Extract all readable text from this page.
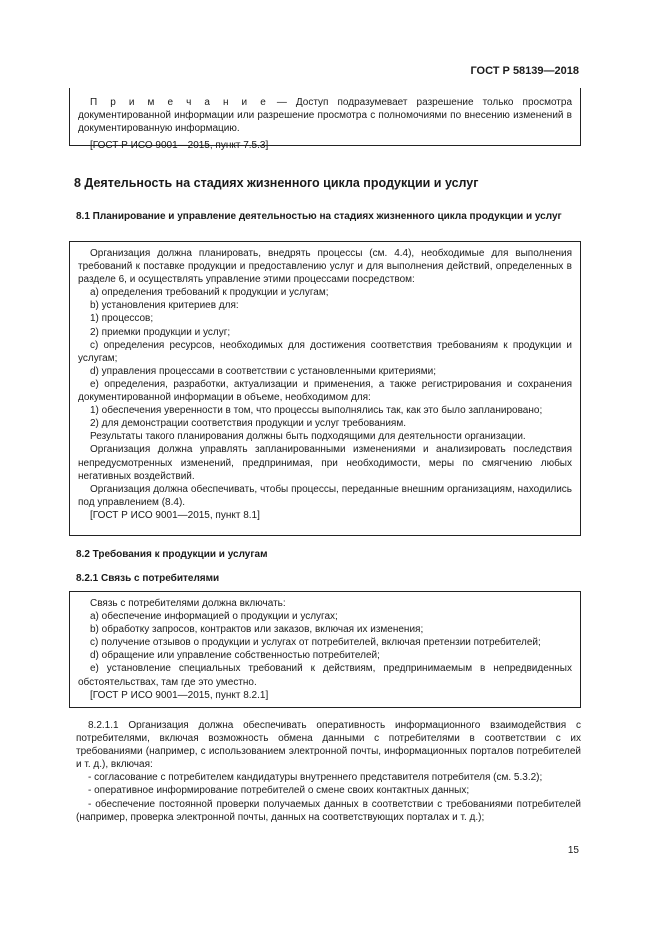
ГОСТ Р 58139—2018

П р и м е ч а н и е — Доступ подразумевает разрешение только просмотра документированной информации или разрешение просмотра с полномочиями по внесению изменений в документированную информацию.

[ГОСТ Р ИСО 9001—2015, пункт 7.5.3]

8 Деятельность на стадиях жизненного цикла продукции и услуг
8.1 Планирование и управление деятельностью на стадиях жизненного цикла продукции и услуг

Организация должна планировать, внедрять процессы (см. 4.4), необходимые для выполнения требований к поставке продукции и предоставлению услуг и для выполнения действий, определенных в разделе 6, и осуществлять управление этими процессами посредством:

a) определения требований к продукции и услугам;

b) установления критериев для:

1) процессов;

2) приемки продукции и услуг;

c) определения ресурсов, необходимых для достижения соответствия требованиям к продукции и услугам;

d) управления процессами в соответствии с установленными критериями;

e) определения, разработки, актуализации и применения, а также регистрирования и сохранения документированной информации в объеме, необходимом для:

1) обеспечения уверенности в том, что процессы выполнялись так, как это было запланировано;

2) для демонстрации соответствия продукции и услуг требованиям.

Результаты такого планирования должны быть подходящими для деятельности организации.

Организация должна управлять запланированными изменениями и анализировать последствия непредусмотренных изменений, предпринимая, при необходимости, меры по смягчению любых негативных воздействий.

Организация должна обеспечивать, чтобы процессы, переданные внешним организациям, находились под управлением (8.4).

[ГОСТ Р ИСО 9001—2015, пункт 8.1]

8.2 Требования к продукции и услугам
8.2.1 Связь с потребителями

Связь с потребителями должна включать:

a) обеспечение информацией о продукции и услугах;

b) обработку запросов, контрактов или заказов, включая их изменения;

c) получение отзывов о продукции и услугах от потребителей, включая претензии потребителей;

d) обращение или управление собственностью потребителей;

e) установление специальных требований к действиям, предпринимаемым в непредвиденных обстоятельствах, там где это уместно.

[ГОСТ Р ИСО 9001—2015, пункт 8.2.1]

8.2.1.1 Организация должна обеспечивать оперативность информационного взаимодействия с потребителями, включая возможность обмена данными с потребителями в соответствии с их требованиями (например, с использованием электронной почты, информационных порталов потребителей и т. д.), включая:

- согласование с потребителем кандидатуры внутреннего представителя потребителя (см. 5.3.2);

- оперативное информирование потребителей о смене своих контактных данных;

- обеспечение постоянной проверки получаемых данных в соответствии с требованиями потребителей (например, проверка электронной почты, данных на соответствующих порталах и т. д.);

15
